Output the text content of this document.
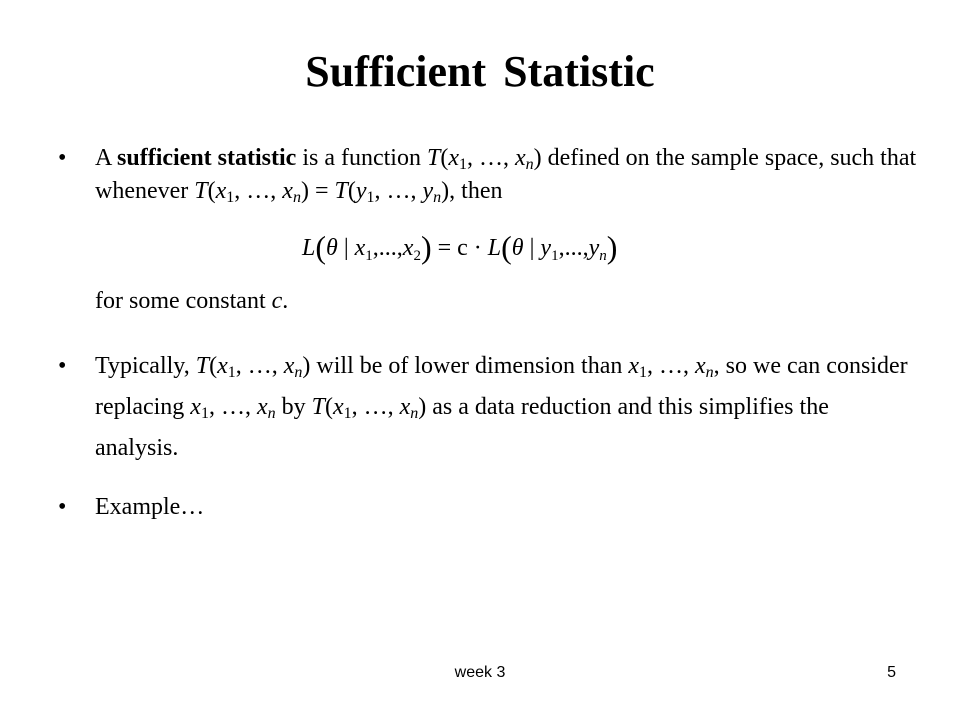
Sufficient Statistic
• A sufficient statistic is a function $T(x_1$, …, $x_n$) defined on the sample space, such that whenever $T(x_1$, …, $x_n) = T(y_1$, …, $y_n$), then
L(θ | $x_1,...,x_2) = c \cdot L(\theta$ | $y_1,...,y_n$)
for some constant c.
• Typically, $T(x_1$, …, $x_n$) will be of lower dimension than $x_1$, …, $x_n$, so we can consider replacing $x_1$, …, $x_n$ by $T(x_1$, …, $x_n$) as a data reduction and this simplifies the analysis.
• Example…
week 3	5
